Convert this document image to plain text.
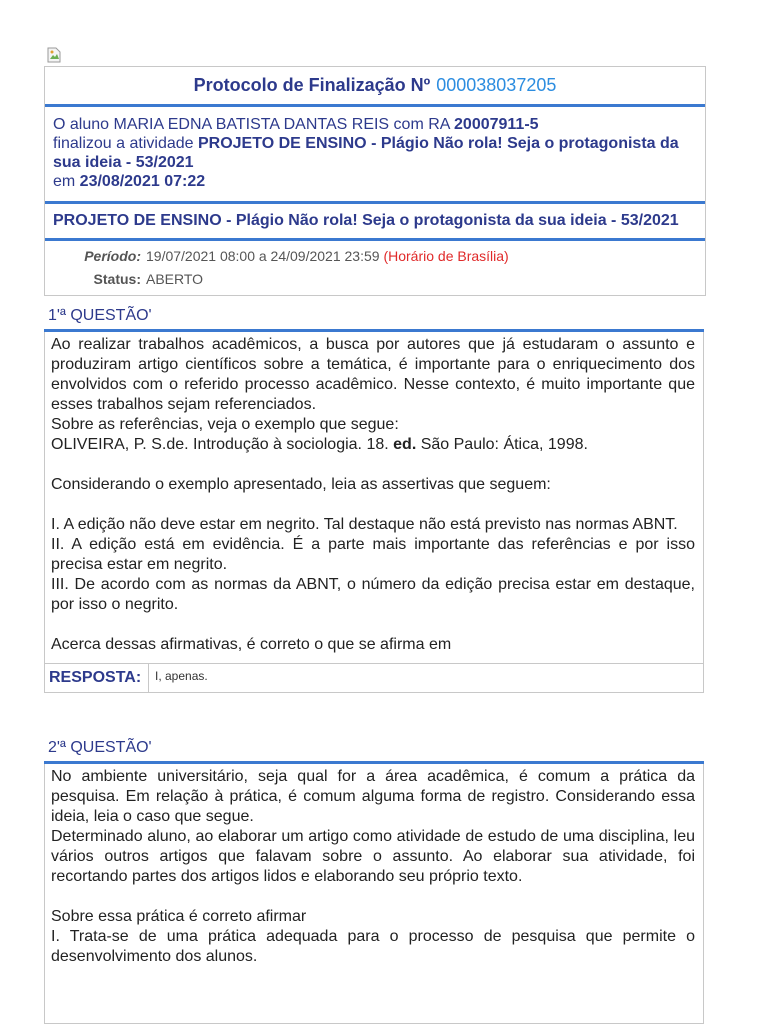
Protocolo de Finalização Nº 000038037205
O aluno MARIA EDNA BATISTA DANTAS REIS com RA 20007911-5
finalizou a atividade PROJETO DE ENSINO - Plágio Não rola! Seja o protagonista da sua ideia - 53/2021
em 23/08/2021 07:22
PROJETO DE ENSINO - Plágio Não rola! Seja o protagonista da sua ideia - 53/2021
Período: 19/07/2021 08:00 a 24/09/2021 23:59
(Horário de Brasília)
Status: ABERTO
1'ª QUESTÃO'

Ao realizar trabalhos acadêmicos, a busca por autores que já estudaram o assunto e produziram artigo científicos sobre a temática, é importante para o enriquecimento dos envolvidos com o referido processo acadêmico. Nesse contexto, é muito importante que esses trabalhos sejam referenciados.

Sobre as referências, veja o exemplo que segue:

OLIVEIRA, P. S.de. Introdução à sociologia. 18. ed. São Paulo: Ática, 1998.

Considerando o exemplo apresentado, leia as assertivas que seguem:

I. A edição não deve estar em negrito. Tal destaque não está previsto nas normas ABNT.

II. A edição está em evidência. É a parte mais importante das referências e por isso precisa estar em negrito.

III. De acordo com as normas da ABNT, o número da edição precisa estar em destaque, por isso o negrito.

Acerca dessas afirmativas, é correto o que se afirma em

RESPOSTA:	I, apenas.
2'ª QUESTÃO'

No ambiente universitário, seja qual for a área acadêmica, é comum a prática da pesquisa. Em relação à prática, é comum alguma forma de registro. Considerando essa ideia, leia o caso que segue.

Determinado aluno, ao elaborar um artigo como atividade de estudo de uma disciplina, leu vários outros artigos que falavam sobre o assunto. Ao elaborar sua atividade, foi recortando partes dos artigos lidos e elaborando seu próprio texto.

Sobre essa prática é correto afirmar

I. Trata-se de uma prática adequada para o processo de pesquisa que permite o desenvolvimento dos alunos.
